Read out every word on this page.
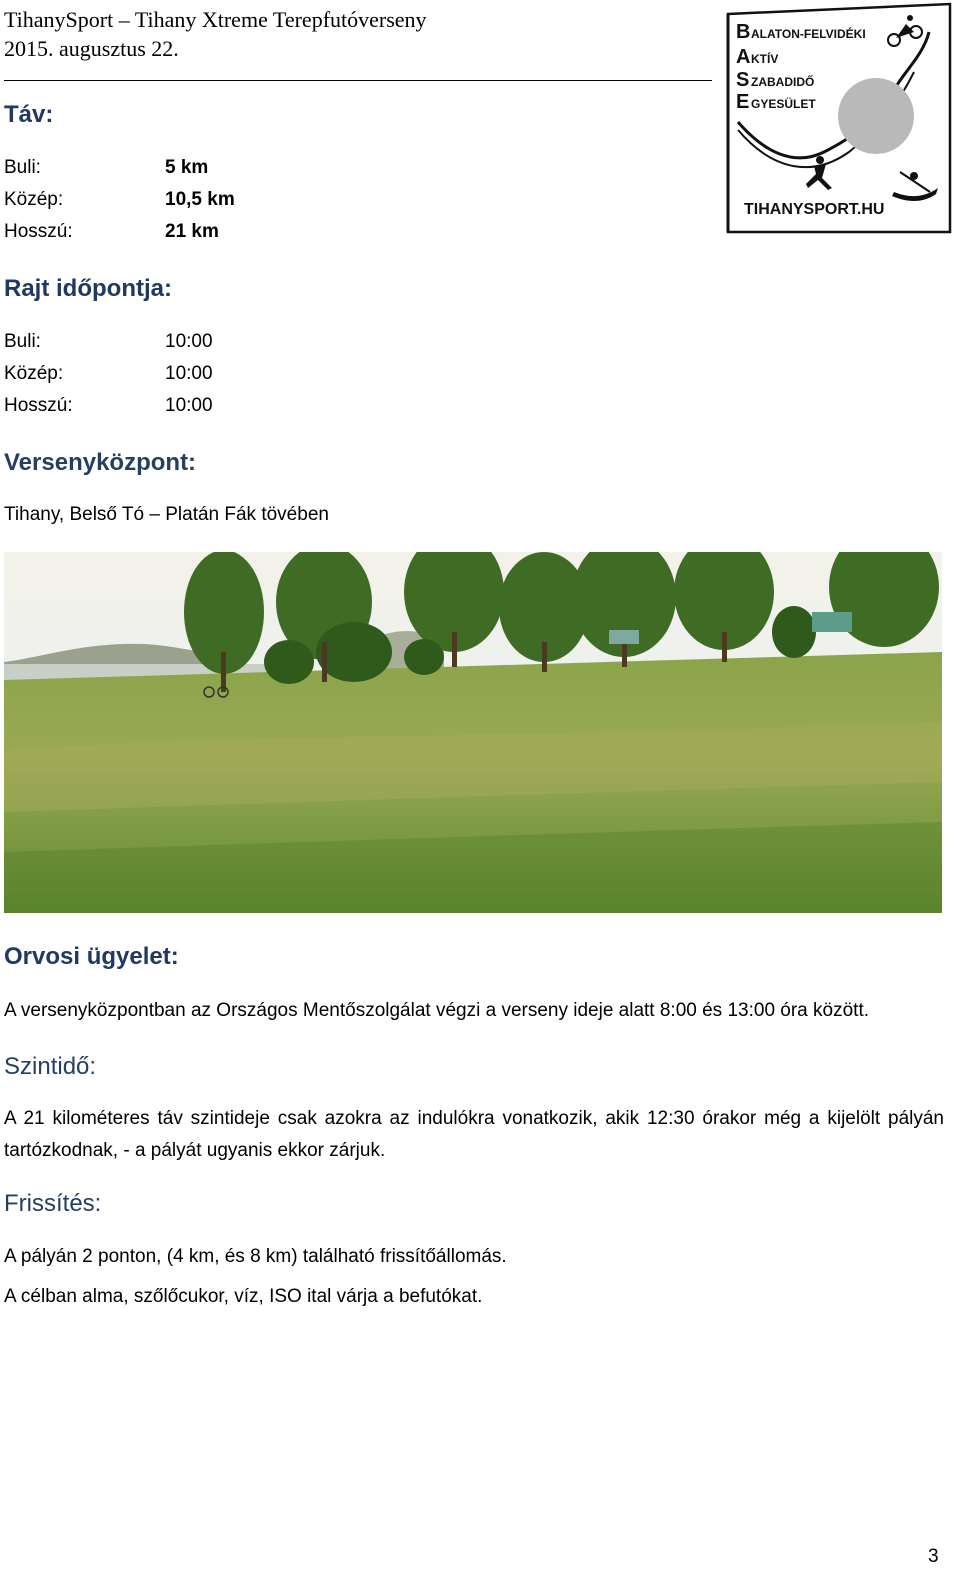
TihanySport – Tihany Xtreme Terepfutóverseny
2015. augusztus 22.
B ALATON-FELVIDÉKI
A KTÍV
S ZABADIDŐ
E GYESÜLET
TIHANYSPORT.HU
Táv:
Buli:	5 km
Közép:	10,5 km
Hosszú:	21 km
Rajt időpontja:
Buli:	10:00
Közép:	10:00
Hosszú:	10:00
Versenyközpont:
Tihany, Belső Tó – Platán Fák tövében
Orvosi ügyelet:
A versenyközpontban az Országos Mentőszolgálat végzi a verseny ideje alatt 8:00 és 13:00 óra között.
Szintidő:
A 21 kilométeres táv szintideje csak azokra az indulókra vonatkozik, akik 12:30 órakor még a kijelölt pályán tartózkodnak, - a pályát ugyanis ekkor zárjuk.
Frissítés:
A pályán 2 ponton, (4 km, és 8 km) található frissítőállomás.
A célban alma, szőlőcukor, víz, ISO ital várja a befutókat.
3
